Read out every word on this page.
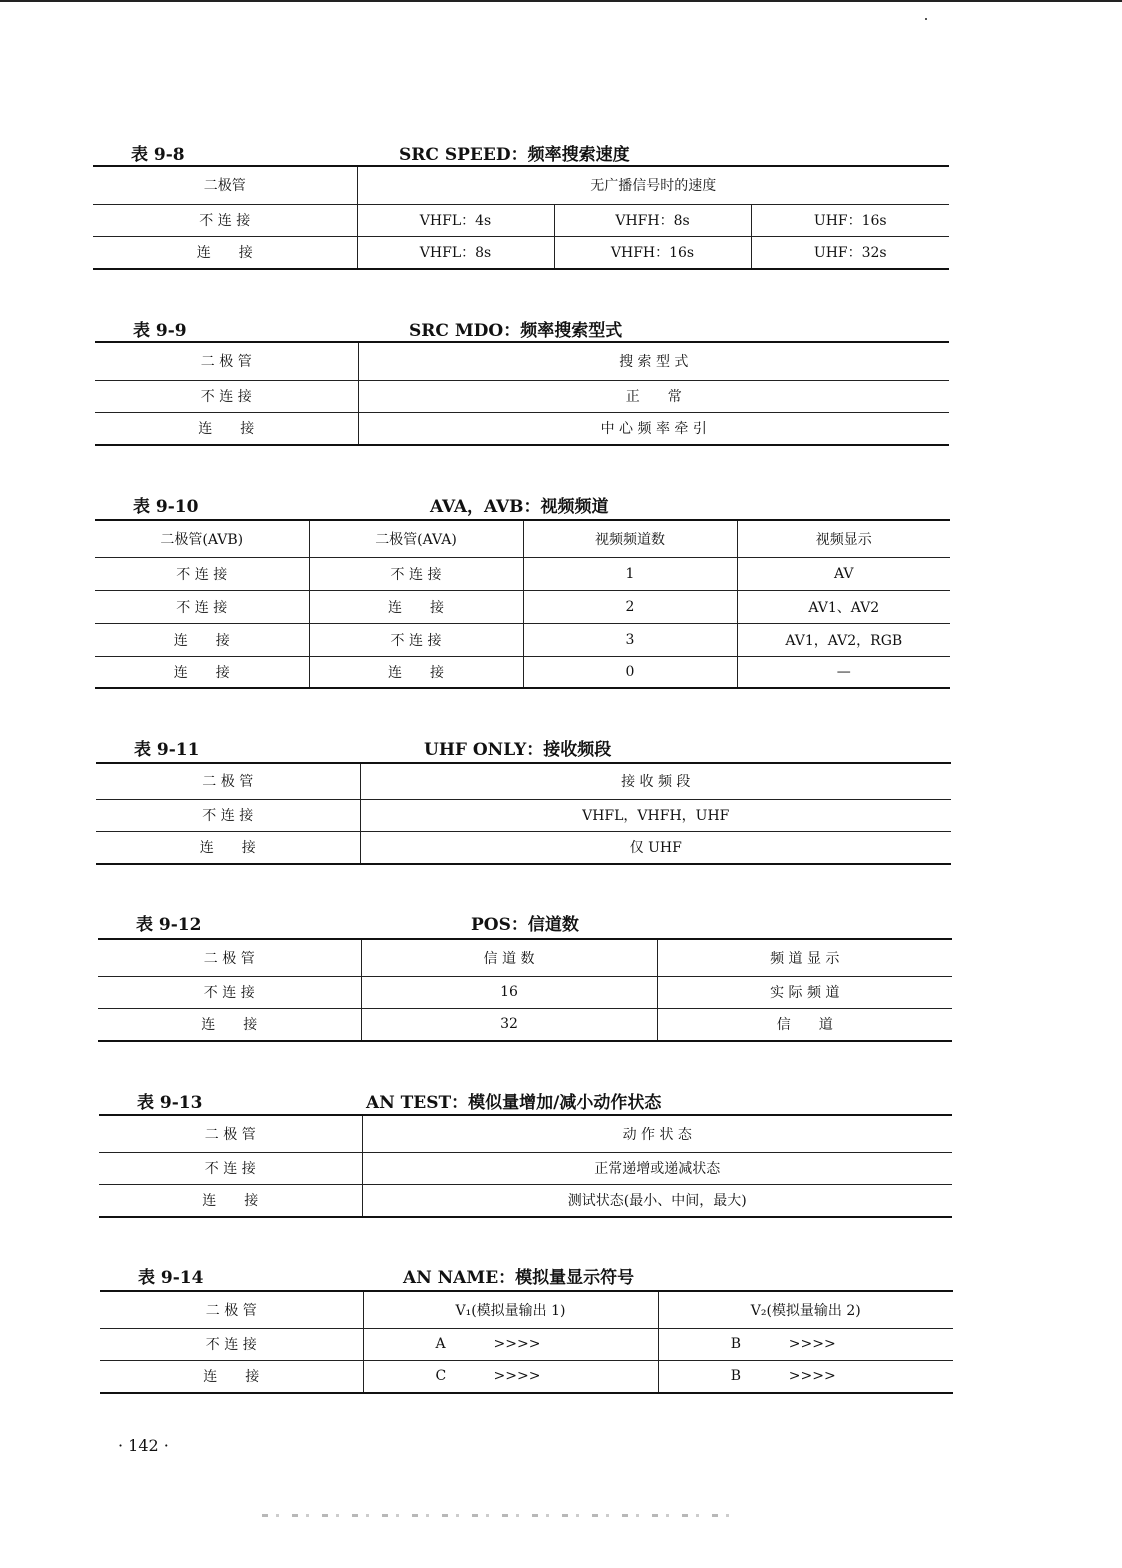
表 9-8	SRC SPEED：频率搜索速度
二极管	无广播信号时的速度		
不 连 接	VHFL：4s	VHFH：8s	UHF：16s
连　　接	VHFL：8s	VHFH：16s	UHF：32s
表 9-9	SRC MDO：频率搜索型式
二 极 管	搜 索 型 式
不 连 接	正　　常
连　　接	中 心 频 率 牵 引
表 9-10	AVA，AVB：视频频道
二极管(AVB)	二极管(AVA)	视频频道数	视频显示
不 连 接	不 连 接	1	AV
不 连 接	连　　接	2	AV1、AV2
连　　接	不 连 接	3	AV1，AV2，RGB
连　　接	连　　接	0	—
表 9-11	UHF ONLY：接收频段
二 极 管	接 收 频 段
不 连 接	VHFL，VHFH，UHF
连　　接	仅 UHF
表 9-12	POS：信道数
二 极 管	信 道 数	频 道 显 示
不 连 接	16	实 际 频 道
连　　接	32	信　　道
表 9-13	AN TEST：模似量增加/减小动作状态
二 极 管	动 作 状 态
不 连 接	正常递增或递减状态
连　　接	测试状态(最小、中间，最大)
表 9-14	AN NAME：模拟量显示符号
二 极 管	V₁(模拟量输出 1)	V₂(模拟量输出 2)
不 连 接	A >>>>	B >>>>
连　　接	C >>>>	B >>>>
· 142 ·
